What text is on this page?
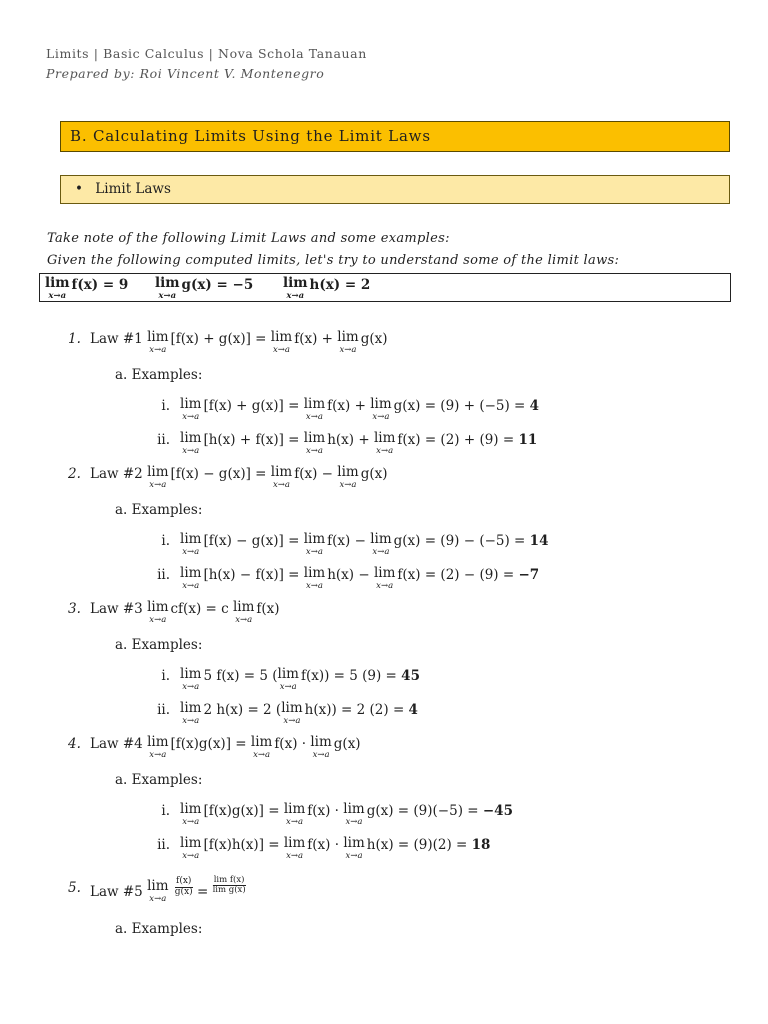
Limits | Basic Calculus | Nova Schola Tanauan
Prepared by: Roi Vincent V. Montenegro
B. Calculating Limits Using the Limit Laws
• Limit Laws
Take note of the following Limit Laws and some examples:
Given the following computed limits, let's try to understand some of the limit laws:
lim
x→a
f(x) = 9 lim
x→a
g(x) = −5 lim
x→a
h(x) = 2
1. Law #1 lim
x→a
[f(x) + g(x)] = lim
x→a
f(x) + lim
x→a
g(x)
a. Examples:
i. lim
x→a
[f(x) + g(x)] = lim
x→a
f(x) + lim
x→a
g(x) = (9) + (−5) = 4
ii. lim
x→a
[h(x) + f(x)] = lim
x→a
h(x) + lim
x→a
f(x) = (2) + (9) = 11
2. Law #2 lim
x→a
[f(x) − g(x)] = lim
x→a
f(x) − lim
x→a
g(x)
a. Examples:
i. lim
x→a
[f(x) − g(x)] = lim
x→a
f(x) − lim
x→a
g(x) = (9) − (−5) = 14
ii. lim
x→a
[h(x) − f(x)] = lim
x→a
h(x) − lim
x→a
f(x) = (2) − (9) = −7
3. Law #3 lim
x→a
cf(x) = c lim
x→a
f(x)
a. Examples:
i. lim
x→a
5 f(x) = 5 ( lim
x→a
f(x)) = 5 (9) = 45
ii. lim
x→a
2 h(x) = 2 ( lim
x→a
h(x)) = 2 (2) = 4
4. Law #4 lim
x→a
[f(x)g(x)] = lim
x→a
f(x) · lim
x→a
g(x)
a. Examples:
i. lim
x→a
[f(x)g(x)] = lim
x→a
f(x) · lim
x→a
g(x) = (9)(−5) = −45
ii. lim
x→a
[f(x)h(x)] = lim
x→a
f(x) · lim
x→a
h(x) = (9)(2) = 18
5. Law #5 lim
x→a

$\frac{f(x)}{g(x)} = \frac{\text{lim f(x)}}{\text{lim g(x)}}$
a. Examples:
